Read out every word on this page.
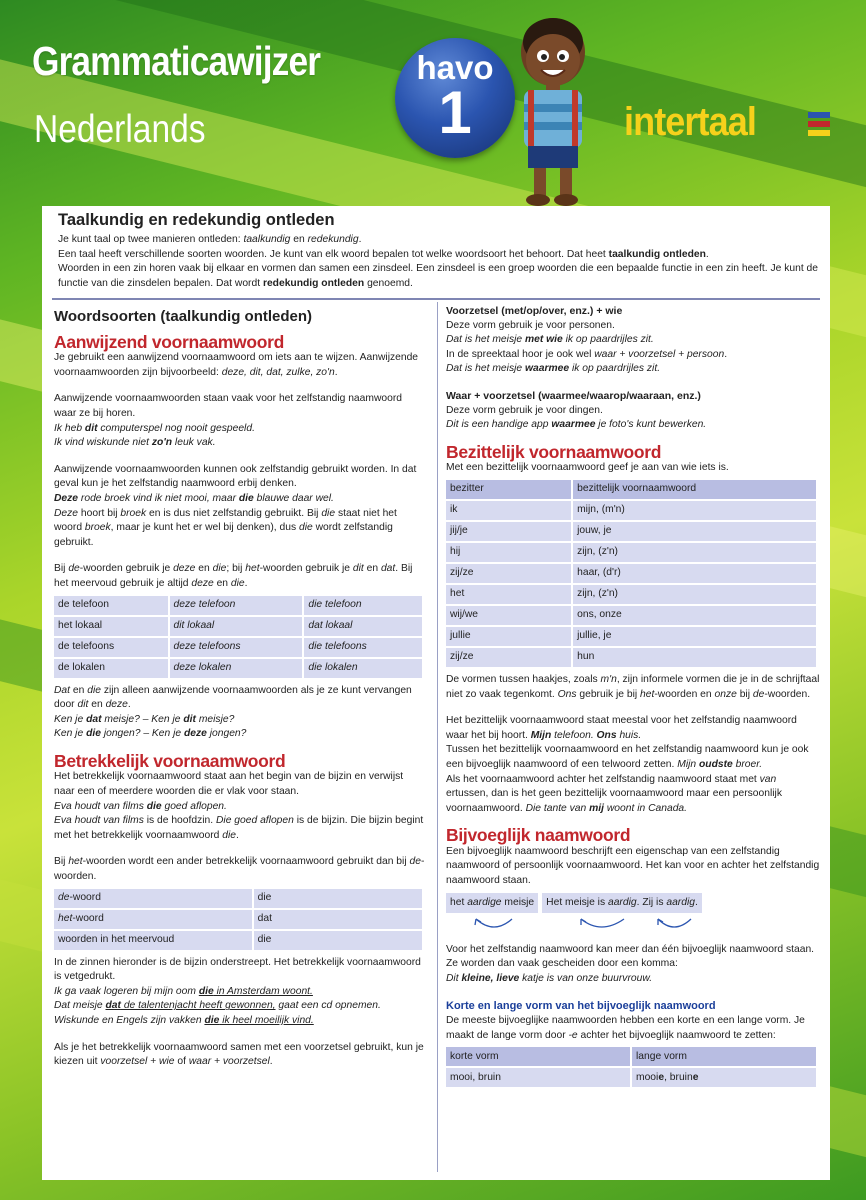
Grammaticawijzer
Nederlands
havo
1	intertaal
Taalkundig en redekundig ontleden

Je kunt taal op twee manieren ontleden: taalkundig en redekundig.

Een taal heeft verschillende soorten woorden. Je kunt van elk woord bepalen tot welke woordsoort het behoort. Dat heet taalkundig ontleden.

Woorden in een zin horen vaak bij elkaar en vormen dan samen een zinsdeel. Een zinsdeel is een groep woorden die een bepaalde functie in een zin heeft. Je kunt de functie van die zinsdelen bepalen. Dat wordt redekundig ontleden genoemd.

Woordsoorten (taalkundig ontleden)
Aanwijzend voornaamwoord

Je gebruikt een aanwijzend voornaamwoord om iets aan te wijzen. Aanwijzende voornaamwoorden zijn bijvoorbeeld: deze, dit, dat, zulke, zo'n.

Aanwijzende voornaamwoorden staan vaak voor het zelfstandig naamwoord waar ze bij horen.
Ik heb dit computerspel nog nooit gespeeld.
Ik vind wiskunde niet zo'n leuk vak.

Aanwijzende voornaamwoorden kunnen ook zelfstandig gebruikt worden. In dat geval kun je het zelfstandig naamwoord erbij denken.
Deze rode broek vind ik niet mooi, maar die blauwe daar wel.
Deze hoort bij broek en is dus niet zelfstandig gebruikt. Bij die staat niet het woord broek, maar je kunt het er wel bij denken), dus die wordt zelfstandig gebruikt.

Bij de-woorden gebruik je deze en die; bij het-woorden gebruik je dit en dat. Bij het meervoud gebruik je altijd deze en die.

de telefoon	deze telefoon	die telefoon
het lokaal	dit lokaal	dat lokaal
de telefoons	deze telefoons	die telefoons
de lokalen	deze lokalen	die lokalen

Dat en die zijn alleen aanwijzende voornaamwoorden als je ze kunt vervangen door dit en deze.
Ken je dat meisje? – Ken je dit meisje?
Ken je die jongen? – Ken je deze jongen?

Betrekkelijk voornaamwoord

Het betrekkelijk voornaamwoord staat aan het begin van de bijzin en verwijst naar een of meerdere woorden die er vlak voor staan.
Eva houdt van films die goed aflopen.
Eva houdt van films is de hoofdzin. Die goed aflopen is de bijzin. Die bijzin begint met het betrekkelijk voornaamwoord die.

Bij het-woorden wordt een ander betrekkelijk voornaamwoord gebruikt dan bij de-woorden.

de-woord	die
het-woord	dat
woorden in het meervoud	die

In de zinnen hieronder is de bijzin onderstreept. Het betrekkelijk voornaamwoord is vetgedrukt.
Ik ga vaak logeren bij mijn oom die in Amsterdam woont.
Dat meisje dat de talentenjacht heeft gewonnen, gaat een cd opnemen.
Wiskunde en Engels zijn vakken die ik heel moeilijk vind.

Als je het betrekkelijk voornaamwoord samen met een voorzetsel gebruikt, kun je kiezen uit voorzetsel + wie of waar + voorzetsel.

Voorzetsel (met/op/over, enz.) + wie

Deze vorm gebruik je voor personen.
Dat is het meisje met wie ik op paardrijles zit.
In de spreektaal hoor je ook wel waar + voorzetsel + persoon.
Dat is het meisje waarmee ik op paardrijles zit.

Waar + voorzetsel (waarmee/waarop/waaraan, enz.)

Deze vorm gebruik je voor dingen.
Dit is een handige app waarmee je foto's kunt bewerken.

Bezittelijk voornaamwoord

Met een bezittelijk voornaamwoord geef je aan van wie iets is.

bezitter	bezittelijk voornaamwoord
ik	mijn, (m'n)
jij/je	jouw, je
hij	zijn, (z'n)
zij/ze	haar, (d'r)
het	zijn, (z'n)
wij/we	ons, onze
jullie	jullie, je
zij/ze	hun

De vormen tussen haakjes, zoals m'n, zijn informele vormen die je in de schrijftaal niet zo vaak tegenkomt. Ons gebruik je bij het-woorden en onze bij de-woorden.

Het bezittelijk voornaamwoord staat meestal voor het zelfstandig naamwoord waar het bij hoort. Mijn telefoon. Ons huis.
Tussen het bezittelijk voornaamwoord en het zelfstandig naamwoord kun je ook een bijvoeglijk naamwoord of een telwoord zetten. Mijn oudste broer.
Als het voornaamwoord achter het zelfstandig naamwoord staat met van ertussen, dan is het geen bezittelijk voornaamwoord maar een persoonlijk voornaamwoord. Die tante van mij woont in Canada.

Bijvoeglijk naamwoord

Een bijvoeglijk naamwoord beschrijft een eigenschap van een zelfstandig naamwoord of persoonlijk voornaamwoord. Het kan voor en achter het zelfstandig naamwoord staan.

het aardige meisje	Het meisje is aardig. Zij is aardig.

Voor het zelfstandig naamwoord kan meer dan één bijvoeglijk naamwoord staan. Ze worden dan vaak gescheiden door een komma:
Dit kleine, lieve katje is van onze buurvrouw.

Korte en lange vorm van het bijvoeglijk naamwoord

De meeste bijvoeglijke naamwoorden hebben een korte en een lange vorm. Je maakt de lange vorm door -e achter het bijvoeglijk naamwoord te zetten:

korte vorm	lange vorm
mooi, bruin	mooie, bruine
